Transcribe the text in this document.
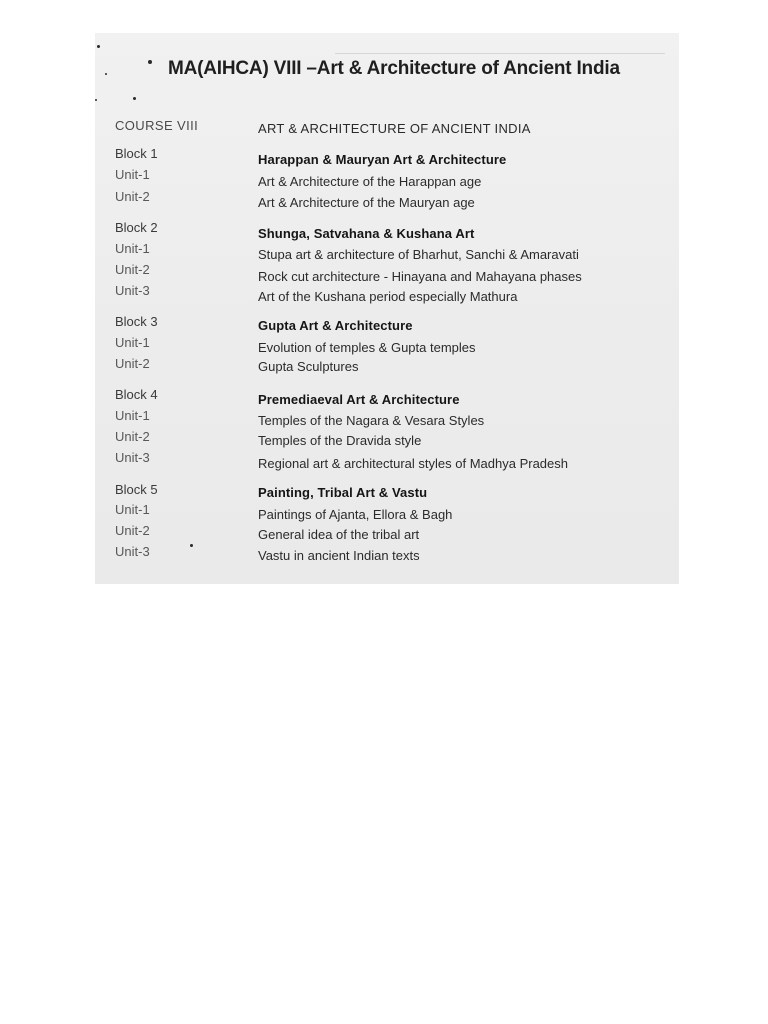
MA(AIHCA) VIII –Art & Architecture of Ancient India
COURSE VIII	ART & ARCHITECTURE OF ANCIENT INDIA
Block 1	Harappan & Mauryan Art & Architecture
Unit-1	Art & Architecture of the Harappan age
Unit-2	Art & Architecture of the Mauryan age
Block 2	Shunga, Satvahana & Kushana Art
Unit-1	Stupa art & architecture of Bharhut, Sanchi & Amaravati
Unit-2	Rock cut architecture - Hinayana and Mahayana phases
Unit-3	Art of the Kushana period especially Mathura
Block 3	Gupta Art & Architecture
Unit-1	Evolution of temples & Gupta temples
Unit-2	Gupta Sculptures
Block 4	Premediaeval Art & Architecture
Unit-1	Temples of the Nagara & Vesara Styles
Unit-2	Temples of the Dravida style
Unit-3	Regional art & architectural styles of Madhya Pradesh
Block 5	Painting, Tribal Art & Vastu
Unit-1	Paintings of Ajanta, Ellora & Bagh
Unit-2	General idea of the tribal art
Unit-3	Vastu in ancient Indian texts
